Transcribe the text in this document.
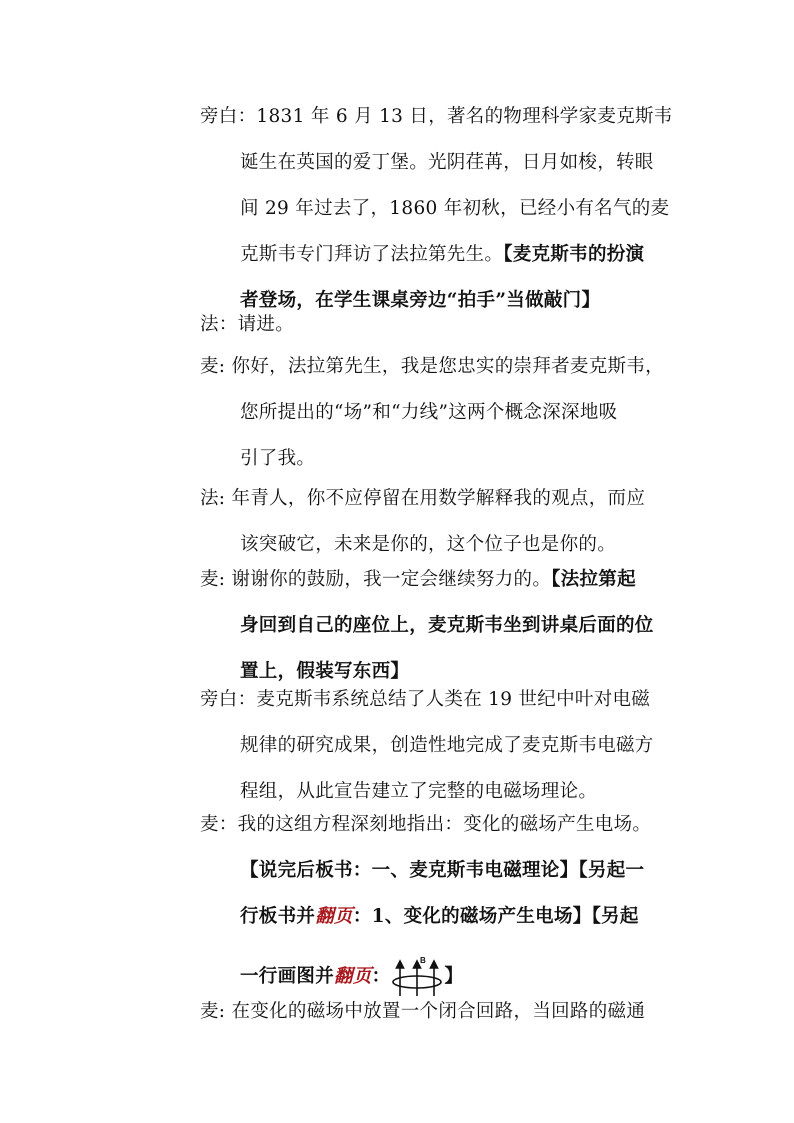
旁白：1831 年 6 月 13 日，著名的物理科学家麦克斯韦
诞生在英国的爱丁堡。光阴荏苒，日月如梭，转眼
间 29 年过去了，1860 年初秋，已经小有名气的麦
克斯韦专门拜访了法拉第先生。【麦克斯韦的扮演
者登场，在学生课桌旁边“拍手”当做敲门】
法：请进。
麦: 你好，法拉第先生，我是您忠实的崇拜者麦克斯韦，
您所提出的“场”和“力线”这两个概念深深地吸
引了我。
法: 年青人，你不应停留在用数学解释我的观点，而应
该突破它，未来是你的，这个位子也是你的。
麦: 谢谢你的鼓励，我一定会继续努力的。【法拉第起
身回到自己的座位上，麦克斯韦坐到讲桌后面的位
置上，假装写东西】
旁白：麦克斯韦系统总结了人类在 19 世纪中叶对电磁
规律的研究成果，创造性地完成了麦克斯韦电磁方
程组，从此宣告建立了完整的电磁场理论。
麦：我的这组方程深刻地指出：变化的磁场产生电场。
【说完后板书：一、麦克斯韦电磁理论】【另起一
行板书并翻页：1、变化的磁场产生电场】【另起
一行画图并翻页：
B
】
麦: 在变化的磁场中放置一个闭合回路，当回路的磁通
